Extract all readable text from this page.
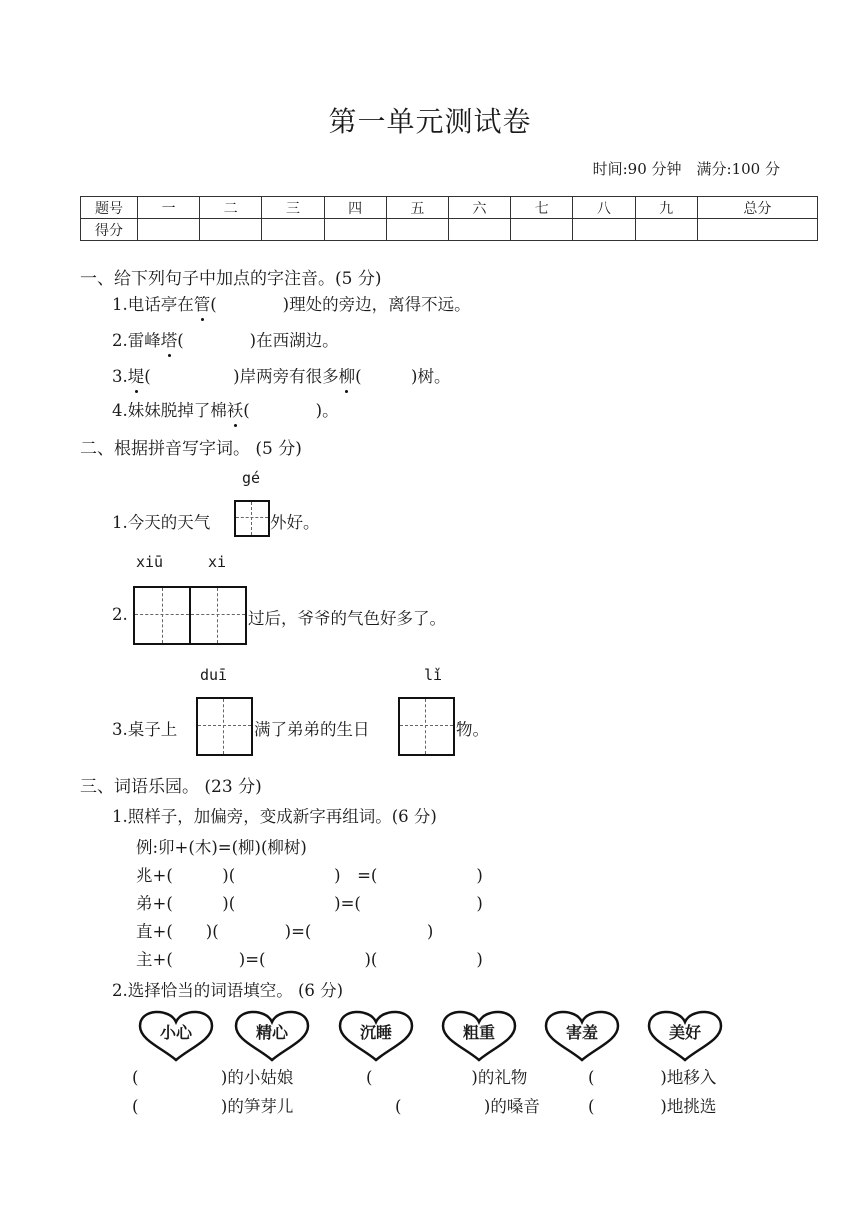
第一单元测试卷
时间:90 分钟　满分:100 分
题号	一	二	三	四	五	六	七	八	九	总分
得分										
一、给下列句子中加点的字注音。(5 分)
1.电话亭在管(　　　　)理处的旁边，离得不远。
2.雷峰塔(　　　　)在西湖边。
3.堤(　　　　　)岸两旁有很多柳(　　　)树。
4.妹妹脱掉了棉袄(　　　　)。
二、根据拼音写字词。 (5 分)
gé
1.今天的天气	外好。
xiū	xi
2.	过后，爷爷的气色好多了。
duī	lǐ
3.桌子上	满了弟弟的生日	物。
三、词语乐园。 (23 分)
1.照样子，加偏旁，变成新字再组词。(6 分)
例:卯+(木)=(柳)(柳树)
兆+(　　　)(　　　　　　)　=(　　　　　　)
弟+(　　　)(　　　　　　)=(　　　　　　　)
直+(　　)(　　　　)=(　　　　　　　)
主+(　　　　)=(　　　　　　)(　　　　　　)
2.选择恰当的词语填空。 (6 分)
小心	精心	沉睡	粗重	害羞	美好
(　　　　　)的小姑娘	(　　　　　　)的礼物	(　　　　)地移入
(　　　　　)的笋芽儿	(　　　　　)的嗓音	(　　　　)地挑选
